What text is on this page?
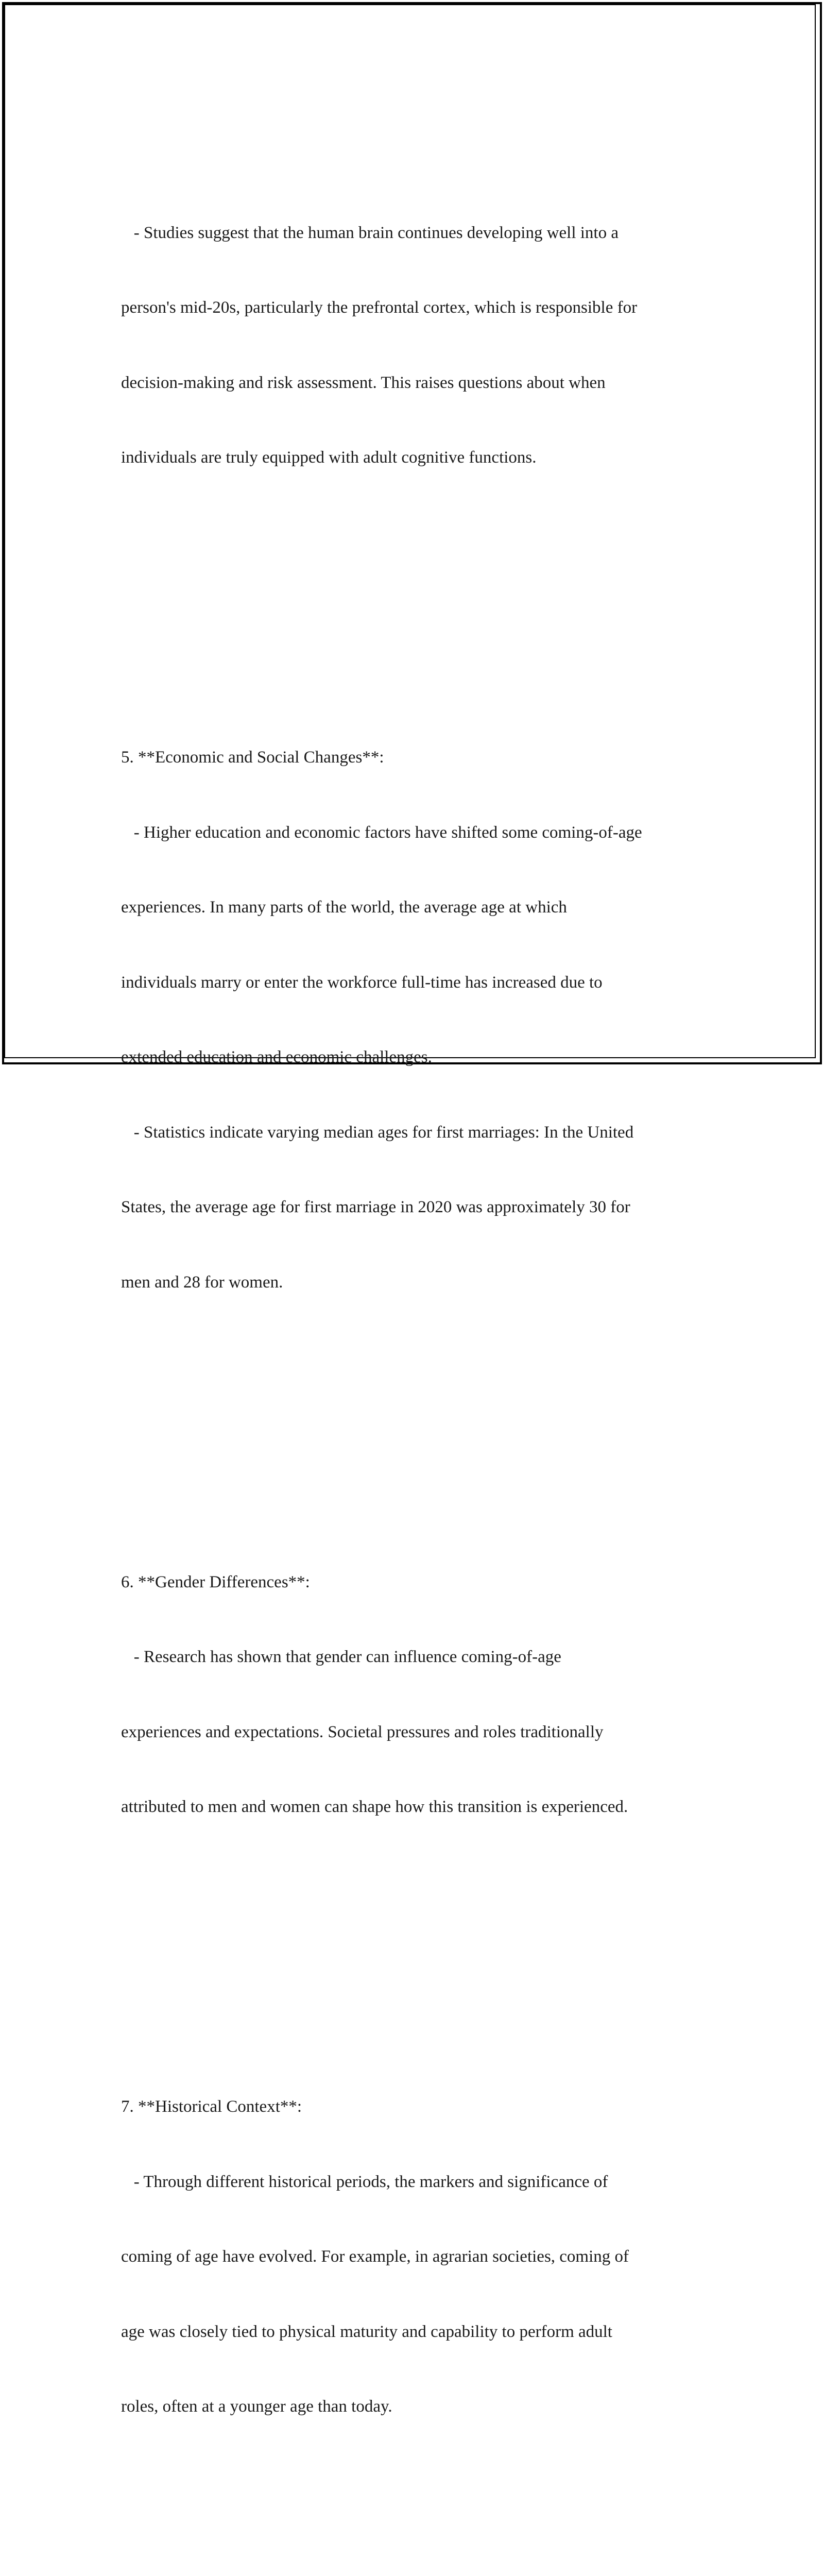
- Studies suggest that the human brain continues developing well into a

person's mid-20s, particularly the prefrontal cortex, which is responsible for

decision-making and risk assessment. This raises questions about when

individuals are truly equipped with adult cognitive functions.

5. **Economic and Social Changes**:

- Higher education and economic factors have shifted some coming-of-age

experiences. In many parts of the world, the average age at which

individuals marry or enter the workforce full-time has increased due to

extended education and economic challenges.

- Statistics indicate varying median ages for first marriages: In the United

States, the average age for first marriage in 2020 was approximately 30 for

men and 28 for women.

6. **Gender Differences**:

- Research has shown that gender can influence coming-of-age

experiences and expectations. Societal pressures and roles traditionally

attributed to men and women can shape how this transition is experienced.

7. **Historical Context**:

- Through different historical periods, the markers and significance of

coming of age have evolved. For example, in agrarian societies, coming of

age was closely tied to physical maturity and capability to perform adult

roles, often at a younger age than today.
